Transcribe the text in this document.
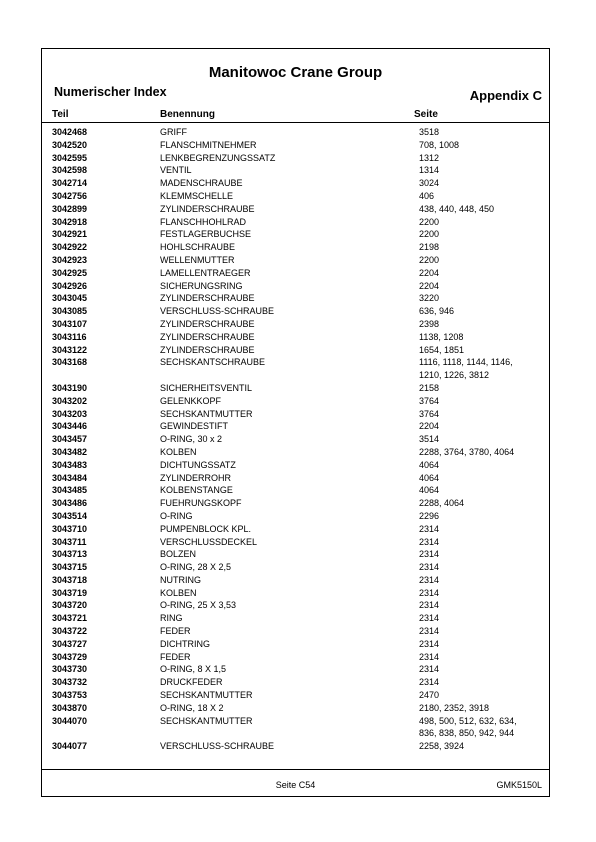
Manitowoc Crane Group
Numerischer Index	Appendix C
Teil	Benennung	Seite
3042468	GRIFF	3518
3042520	FLANSCHMITNEHMER	708, 1008
3042595	LENKBEGRENZUNGSSATZ	1312
3042598	VENTIL	1314
3042714	MADENSCHRAUBE	3024
3042756	KLEMMSCHELLE	406
3042899	ZYLINDERSCHRAUBE	438, 440, 448, 450
3042918	FLANSCHHOHLRAD	2200
3042921	FESTLAGERBUCHSE	2200
3042922	HOHLSCHRAUBE	2198
3042923	WELLENMUTTER	2200
3042925	LAMELLENTRAEGER	2204
3042926	SICHERUNGSRING	2204
3043045	ZYLINDERSCHRAUBE	3220
3043085	VERSCHLUSS-SCHRAUBE	636, 946
3043107	ZYLINDERSCHRAUBE	2398
3043116	ZYLINDERSCHRAUBE	1138, 1208
3043122	ZYLINDERSCHRAUBE	1654, 1851
3043168	SECHSKANTSCHRAUBE	1116, 1118, 1144, 1146,
1210, 1226, 3812
3043190	SICHERHEITSVENTIL	2158
3043202	GELENKKOPF	3764
3043203	SECHSKANTMUTTER	3764
3043446	GEWINDESTIFT	2204
3043457	O-RING, 30 x 2	3514
3043482	KOLBEN	2288, 3764, 3780, 4064
3043483	DICHTUNGSSATZ	4064
3043484	ZYLINDERROHR	4064
3043485	KOLBENSTANGE	4064
3043486	FUEHRUNGSKOPF	2288, 4064
3043514	O-RING	2296
3043710	PUMPENBLOCK KPL.	2314
3043711	VERSCHLUSSDECKEL	2314
3043713	BOLZEN	2314
3043715	O-RING, 28 X 2,5	2314
3043718	NUTRING	2314
3043719	KOLBEN	2314
3043720	O-RING, 25 X 3,53	2314
3043721	RING	2314
3043722	FEDER	2314
3043727	DICHTRING	2314
3043729	FEDER	2314
3043730	O-RING, 8 X 1,5	2314
3043732	DRUCKFEDER	2314
3043753	SECHSKANTMUTTER	2470
3043870	O-RING, 18 X 2	2180, 2352, 3918
3044070	SECHSKANTMUTTER	498, 500, 512, 632, 634,
836, 838, 850, 942, 944
3044077	VERSCHLUSS-SCHRAUBE	2258, 3924
Seite C54	GMK5150L
